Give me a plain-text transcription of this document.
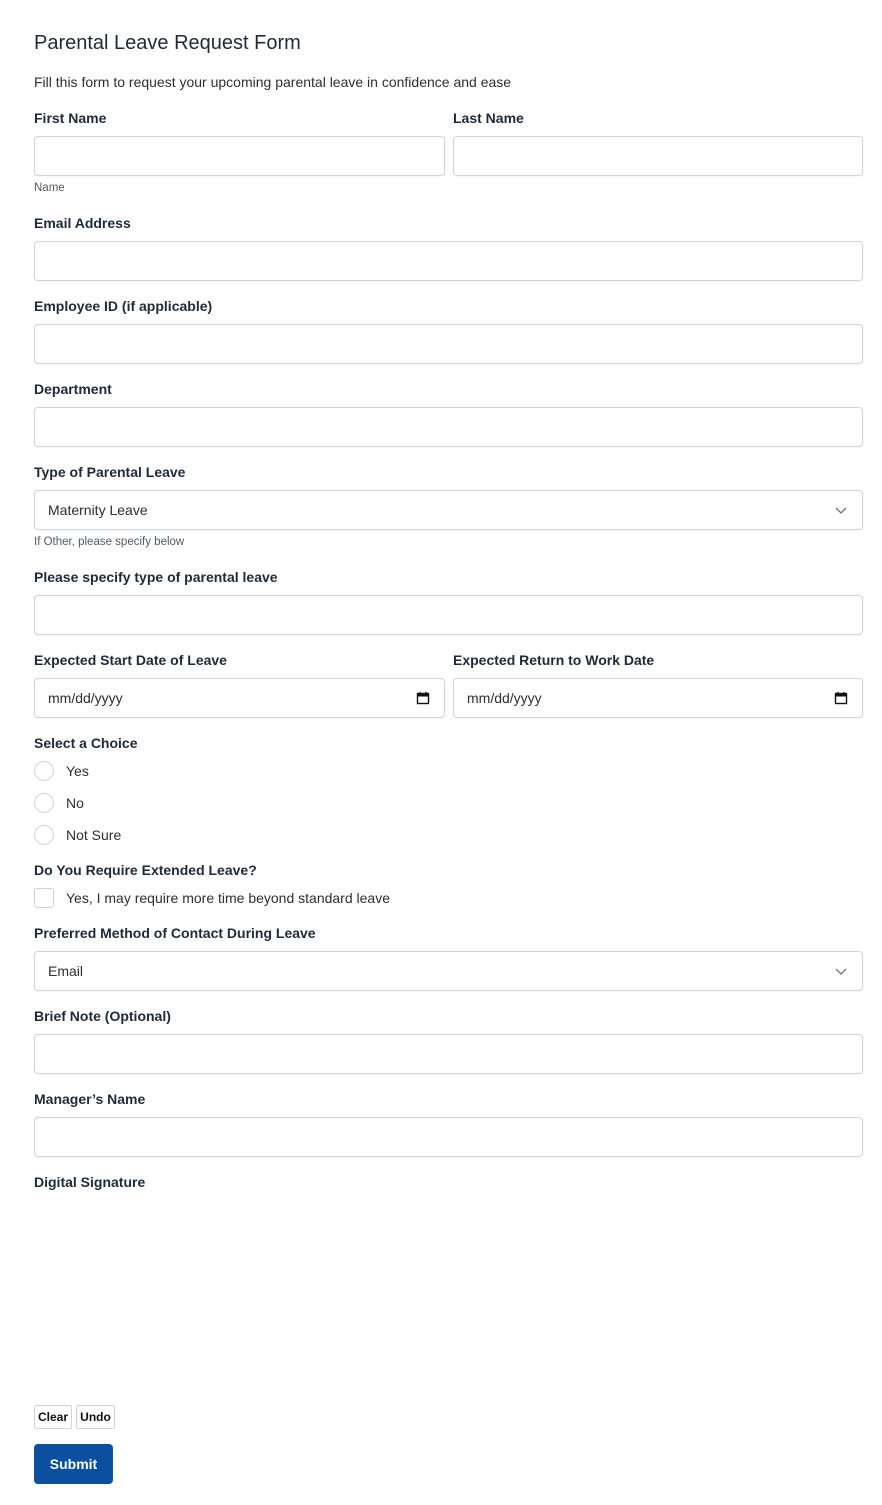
Parental Leave Request Form

Fill this form to request your upcoming parental leave in confidence and ease

First Name	Last Name
Name
Email Address
Employee ID (if applicable)
Department
Type of Parental Leave
Maternity Leave
If Other, please specify below
Please specify type of parental leave
Expected Start Date of Leave	Expected Return to Work Date
mm/dd/yyyy	mm/dd/yyyy
Select a Choice
Yes
No
Not Sure
Do You Require Extended Leave?
Yes, I may require more time beyond standard leave
Preferred Method of Contact During Leave
Email
Brief Note (Optional)
Manager’s Name
Digital Signature
Clear	Undo
Submit
